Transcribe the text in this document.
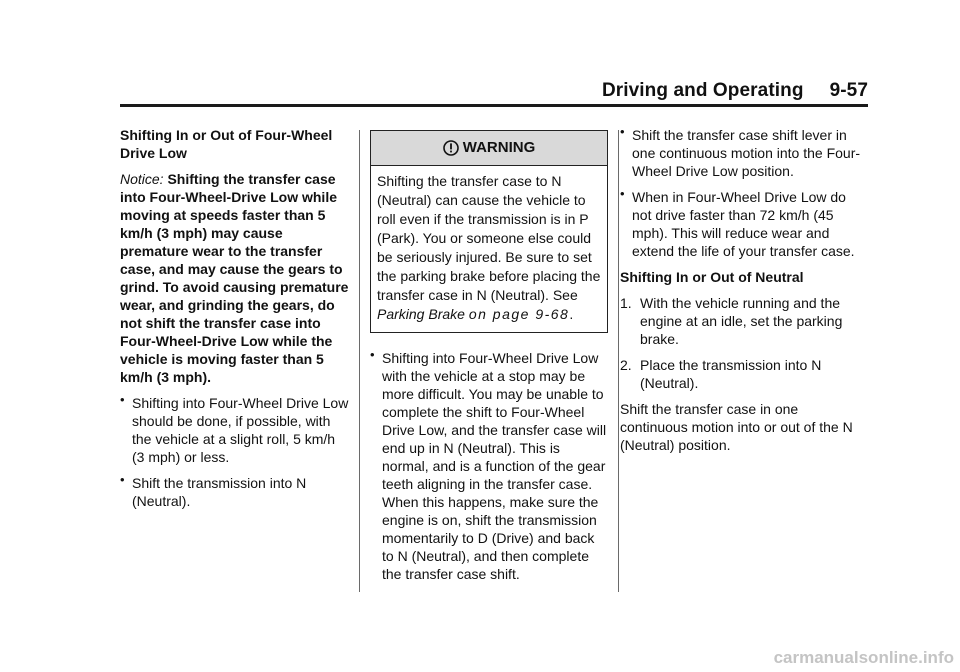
Driving and Operating 9-57

Shifting In or Out of Four-Wheel Drive Low

Notice: Shifting the transfer case into Four-Wheel-Drive Low while moving at speeds faster than 5 km/h (3 mph) may cause premature wear to the transfer case, and may cause the gears to grind. To avoid causing premature wear, and grinding the gears, do not shift the transfer case into Four-Wheel-Drive Low while the vehicle is moving faster than 5 km/h (3 mph).

• Shifting into Four-Wheel Drive Low should be done, if possible, with the vehicle at a slight roll, 5 km/h (3 mph) or less.
• Shift the transmission into N (Neutral).
WARNING
Shifting the transfer case to N (Neutral) can cause the vehicle to roll even if the transmission is in P (Park). You or someone else could be seriously injured. Be sure to set the parking brake before placing the transfer case in N (Neutral). See Parking Brake on page 9-68.
• Shifting into Four-Wheel Drive Low with the vehicle at a stop may be more difficult. You may be unable to complete the shift to Four-Wheel Drive Low, and the transfer case will end up in N (Neutral). This is normal, and is a function of the gear teeth aligning in the transfer case. When this happens, make sure the engine is on, shift the transmission momentarily to D (Drive) and back to N (Neutral), and then complete the transfer case shift.
• Shift the transfer case shift lever in one continuous motion into the Four-Wheel Drive Low position.
• When in Four-Wheel Drive Low do not drive faster than 72 km/h (45 mph). This will reduce wear and extend the life of your transfer case.

Shifting In or Out of Neutral

1. With the vehicle running and the engine at an idle, set the parking brake.
2. Place the transmission into N (Neutral).

Shift the transfer case in one continuous motion into or out of the N (Neutral) position.

carmanualsonline.info
